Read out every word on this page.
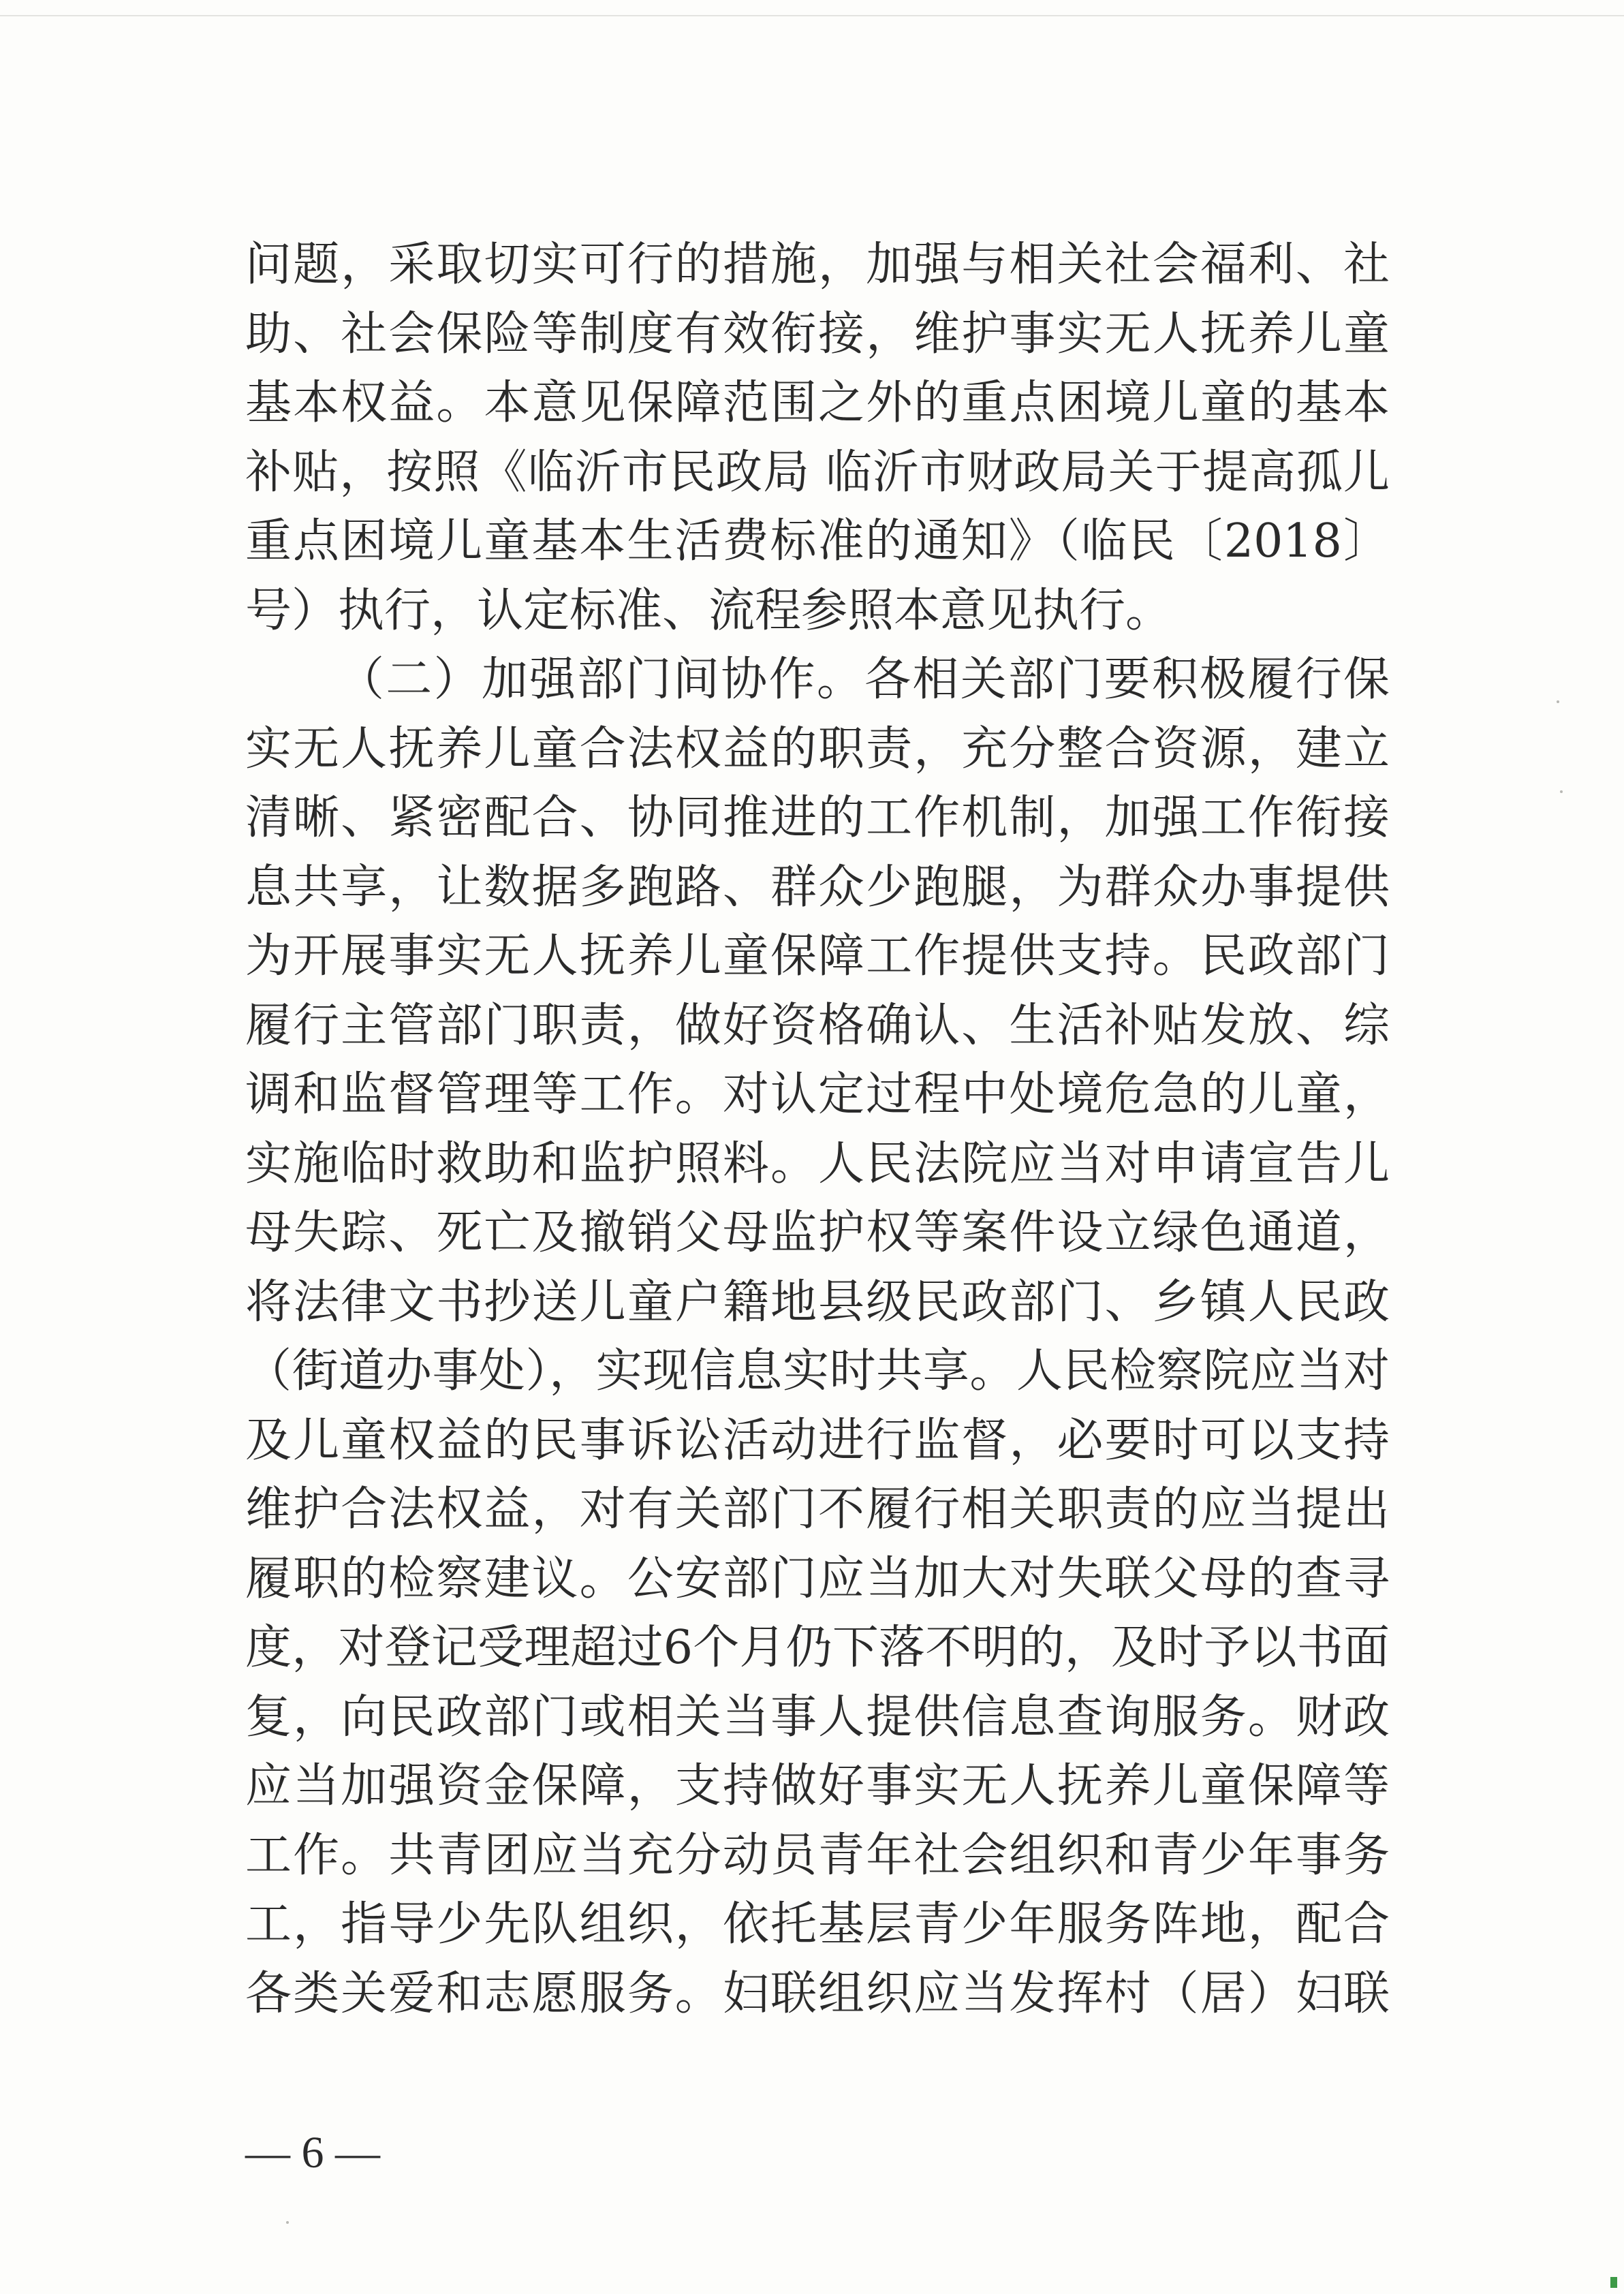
问题，采取切实可行的措施，加强与相关社会福利、社
助、社会保险等制度有效衔接，维护事实无人抚养儿童
基本权益。本意见保障范围之外的重点困境儿童的基本
补贴，按照《临沂市民政局 临沂市财政局关于提高孤儿
重点困境儿童基本生活费标准的通知》（临民〔2018〕
号）执行，认定标准、流程参照本意见执行。
（二）加强部门间协作。各相关部门要积极履行保
实无人抚养儿童合法权益的职责，充分整合资源，建立
清晰、紧密配合、协同推进的工作机制，加强工作衔接
息共享，让数据多跑路、群众少跑腿，为群众办事提供
为开展事实无人抚养儿童保障工作提供支持。民政部门
履行主管部门职责，做好资格确认、生活补贴发放、综
调和监督管理等工作。对认定过程中处境危急的儿童，
实施临时救助和监护照料。人民法院应当对申请宣告儿
母失踪、死亡及撤销父母监护权等案件设立绿色通道，
将法律文书抄送儿童户籍地县级民政部门、乡镇人民政
（街道办事处），实现信息实时共享。人民检察院应当对
及儿童权益的民事诉讼活动进行监督，必要时可以支持
维护合法权益，对有关部门不履行相关职责的应当提出
履职的检察建议。公安部门应当加大对失联父母的查寻
度，对登记受理超过6个月仍下落不明的，及时予以书面
复，向民政部门或相关当事人提供信息查询服务。财政
应当加强资金保障，支持做好事实无人抚养儿童保障等
工作。共青团应当充分动员青年社会组织和青少年事务
工，指导少先队组织，依托基层青少年服务阵地，配合
各类关爱和志愿服务。妇联组织应当发挥村（居）妇联
— 6 —
